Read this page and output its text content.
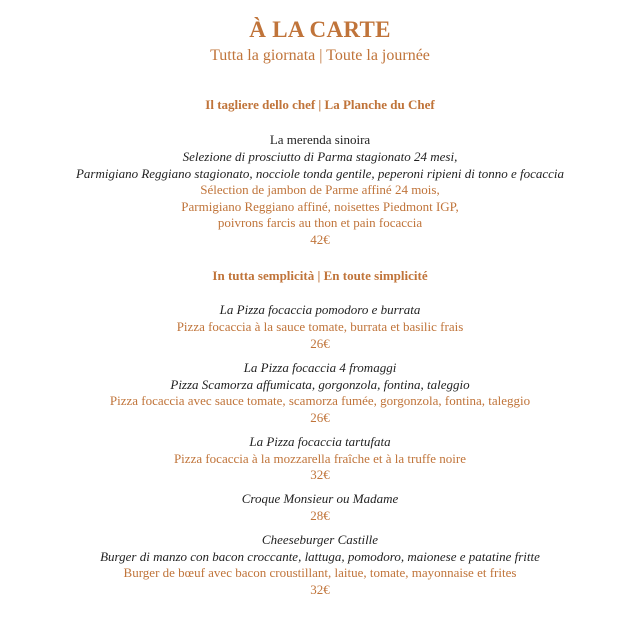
À LA CARTE
Tutta la giornata | Toute la journée
Il tagliere dello chef | La Planche du Chef
La merenda sinoira
Selezione di prosciutto di Parma stagionato 24 mesi,
Parmigiano Reggiano stagionato, nocciole tonda gentile, peperoni ripieni di tonno e focaccia
Sélection de jambon de Parme affiné 24 mois,
Parmigiano Reggiano affiné, noisettes Piedmont IGP,
poivrons farcis au thon et pain focaccia
42€
In tutta semplicità | En toute simplicité
La Pizza focaccia pomodoro e burrata
Pizza focaccia à la sauce tomate, burrata et basilic frais
26€
La Pizza focaccia 4 fromaggi
Pizza Scamorza affumicata, gorgonzola, fontina, taleggio
Pizza focaccia avec sauce tomate, scamorza fumée, gorgonzola, fontina, taleggio
26€
La Pizza focaccia tartufata
Pizza focaccia à la mozzarella fraîche et à la truffe noire
32€
Croque Monsieur ou Madame
28€
Cheeseburger Castille
Burger di manzo con bacon croccante, lattuga, pomodoro, maionese e patatine fritte
Burger de bœuf avec bacon croustillant, laitue, tomate, mayonnaise et frites
32€
